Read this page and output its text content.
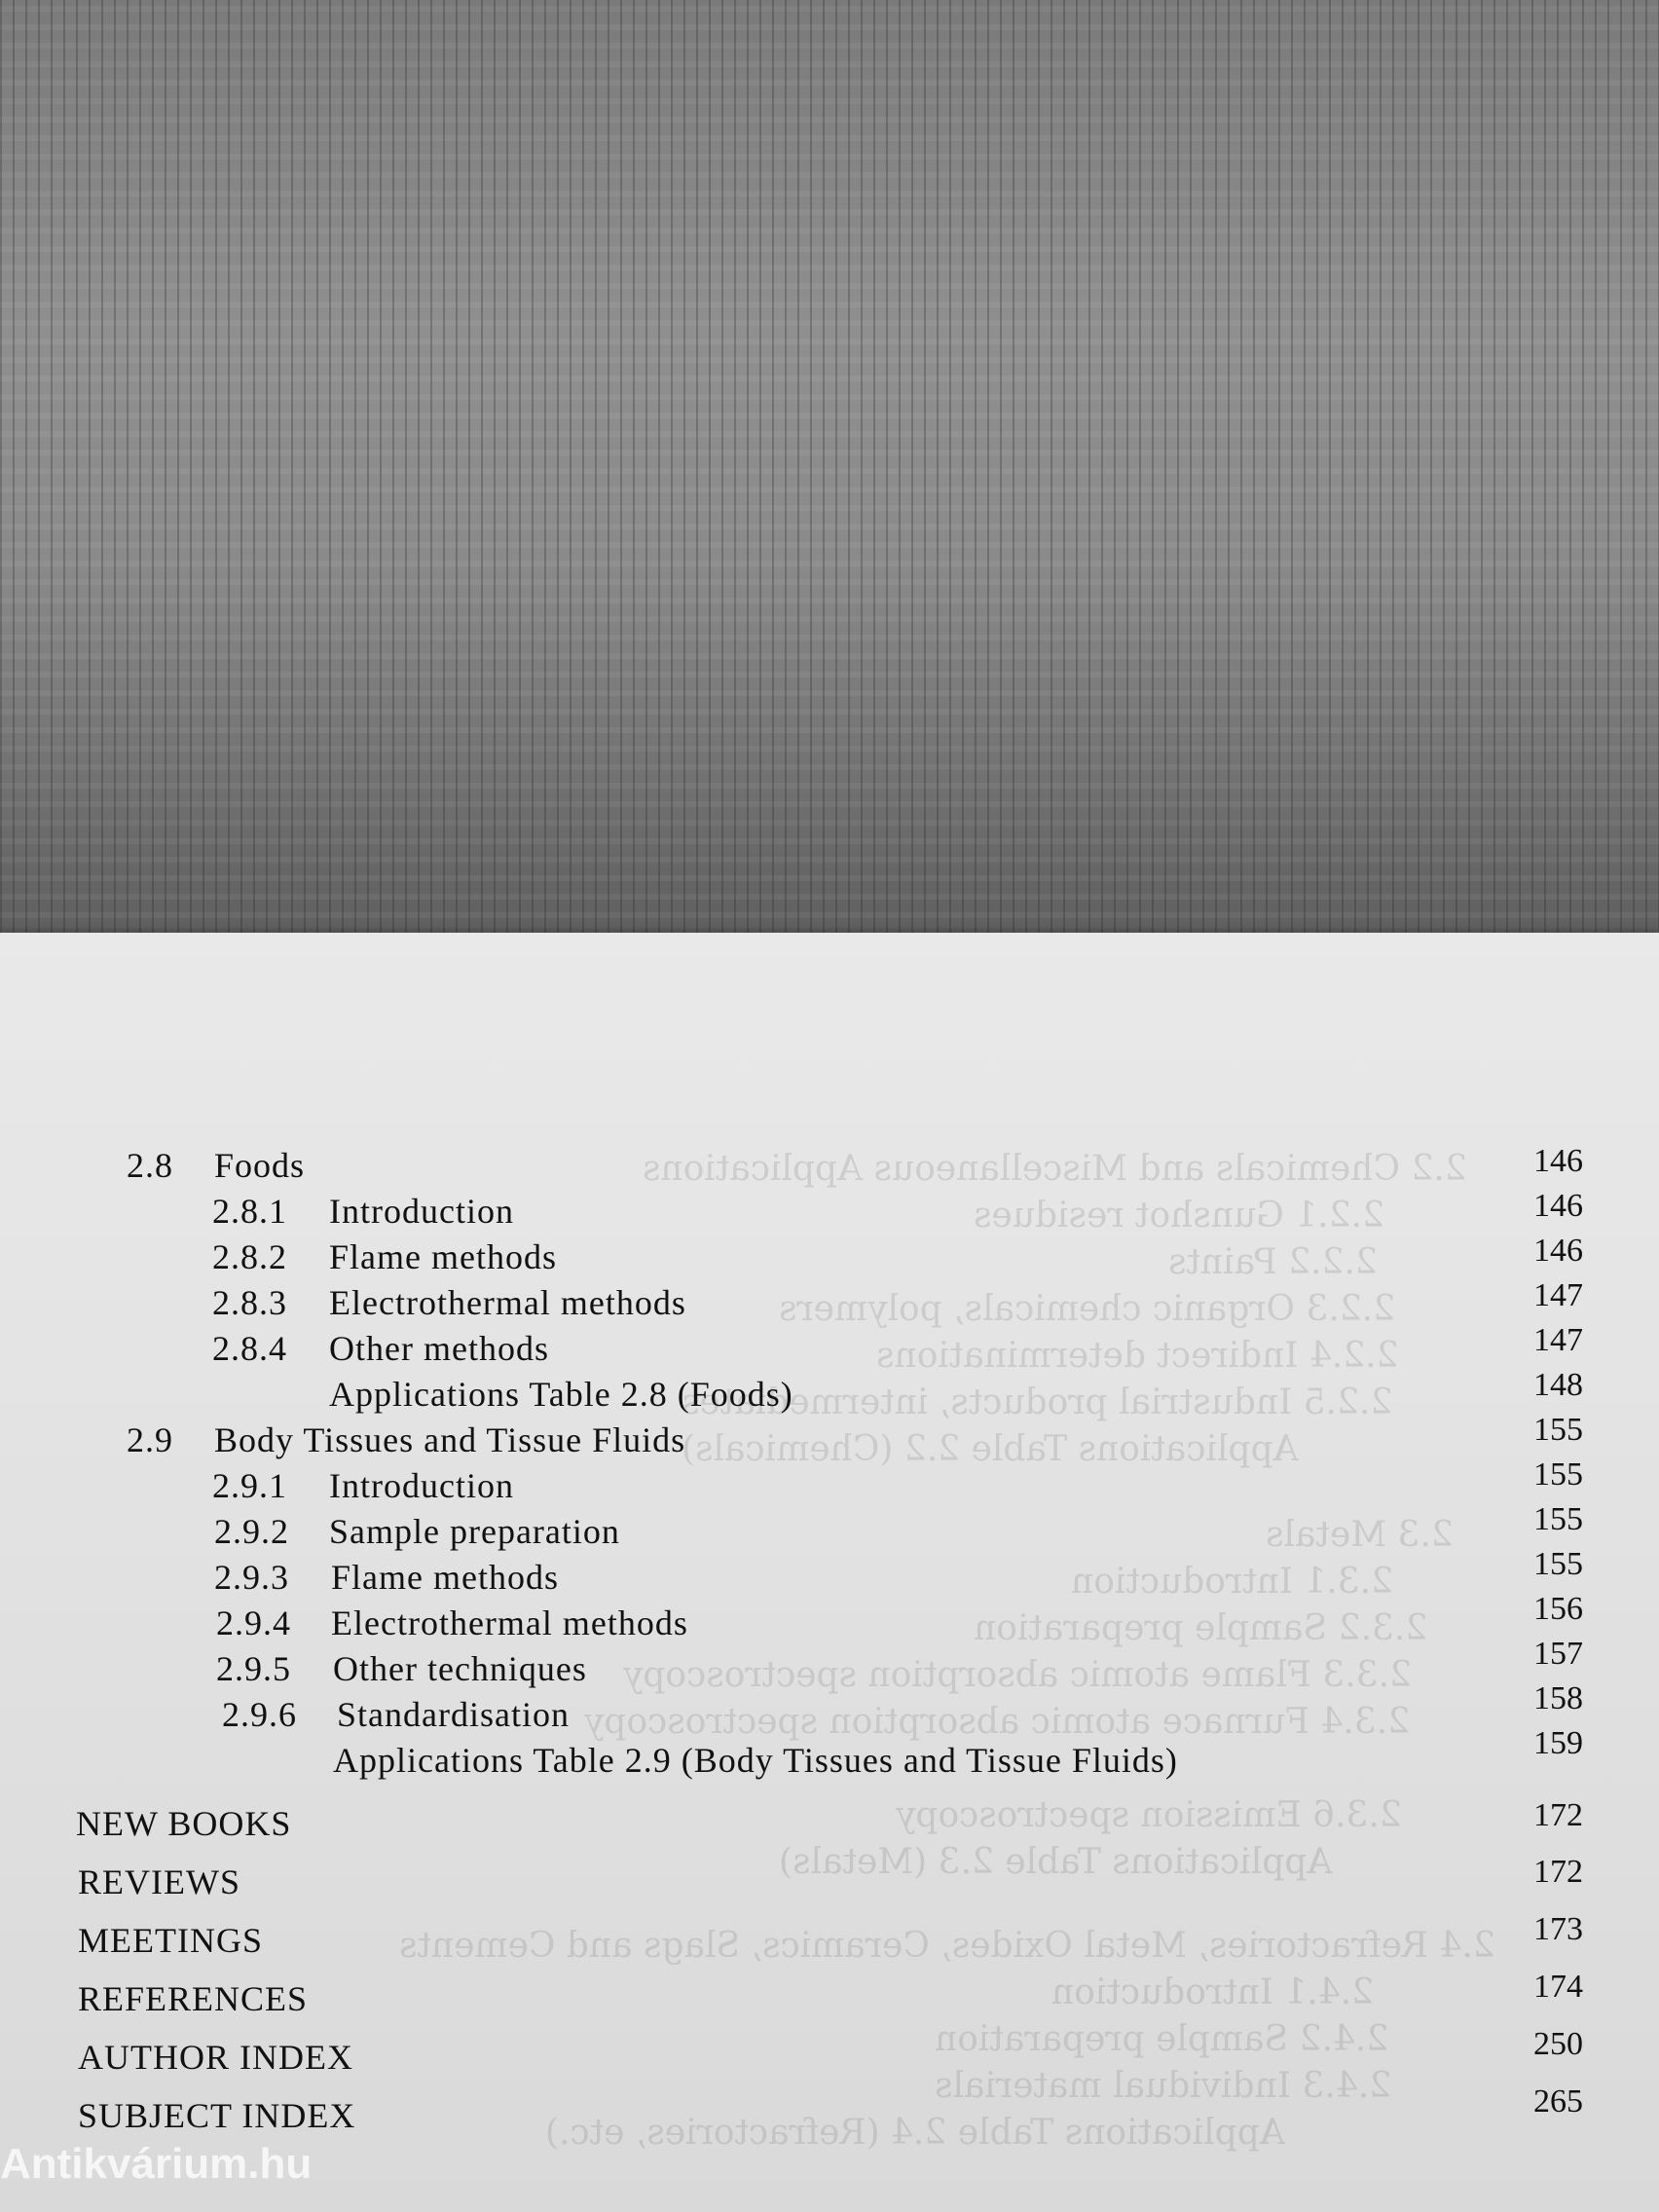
2.2 Chemicals and Miscellaneous Applications
2.2.1 Gunshot residues
2.2.2 Paints
2.2.3 Organic chemicals, polymers
2.2.4 Indirect determinations
2.2.5 Industrial products, intermediates
Applications Table 2.2 (Chemicals)
2.3 Metals
2.3.1 Introduction
2.3.2 Sample preparation
2.3.3 Flame atomic absorption spectroscopy
2.3.4 Furnace atomic absorption spectroscopy
2.3.6 Emission spectroscopy
Applications Table 2.3 (Metals)
2.4 Refractories, Metal Oxides, Ceramics, Slags and Cements
2.4.1 Introduction
2.4.2 Sample preparation
2.4.3 Individual materials
Applications Table 2.4 (Refractories, etc.)
2.8 Foods	146
2.8.1 Introduction	146
2.8.2 Flame methods	146
2.8.3 Electrothermal methods	147
2.8.4 Other methods	147
Applications Table 2.8 (Foods)	148
2.9 Body Tissues and Tissue Fluids	155
2.9.1 Introduction	155
2.9.2 Sample preparation	155
2.9.3 Flame methods	155
2.9.4 Electrothermal methods	156
2.9.5 Other techniques	157
2.9.6 Standardisation	158
Applications Table 2.9 (Body Tissues and Tissue Fluids)	159
NEW BOOKS	172
REVIEWS	172
MEETINGS	173
REFERENCES	174
AUTHOR INDEX	250
SUBJECT INDEX	265
Antikvárium.hu
